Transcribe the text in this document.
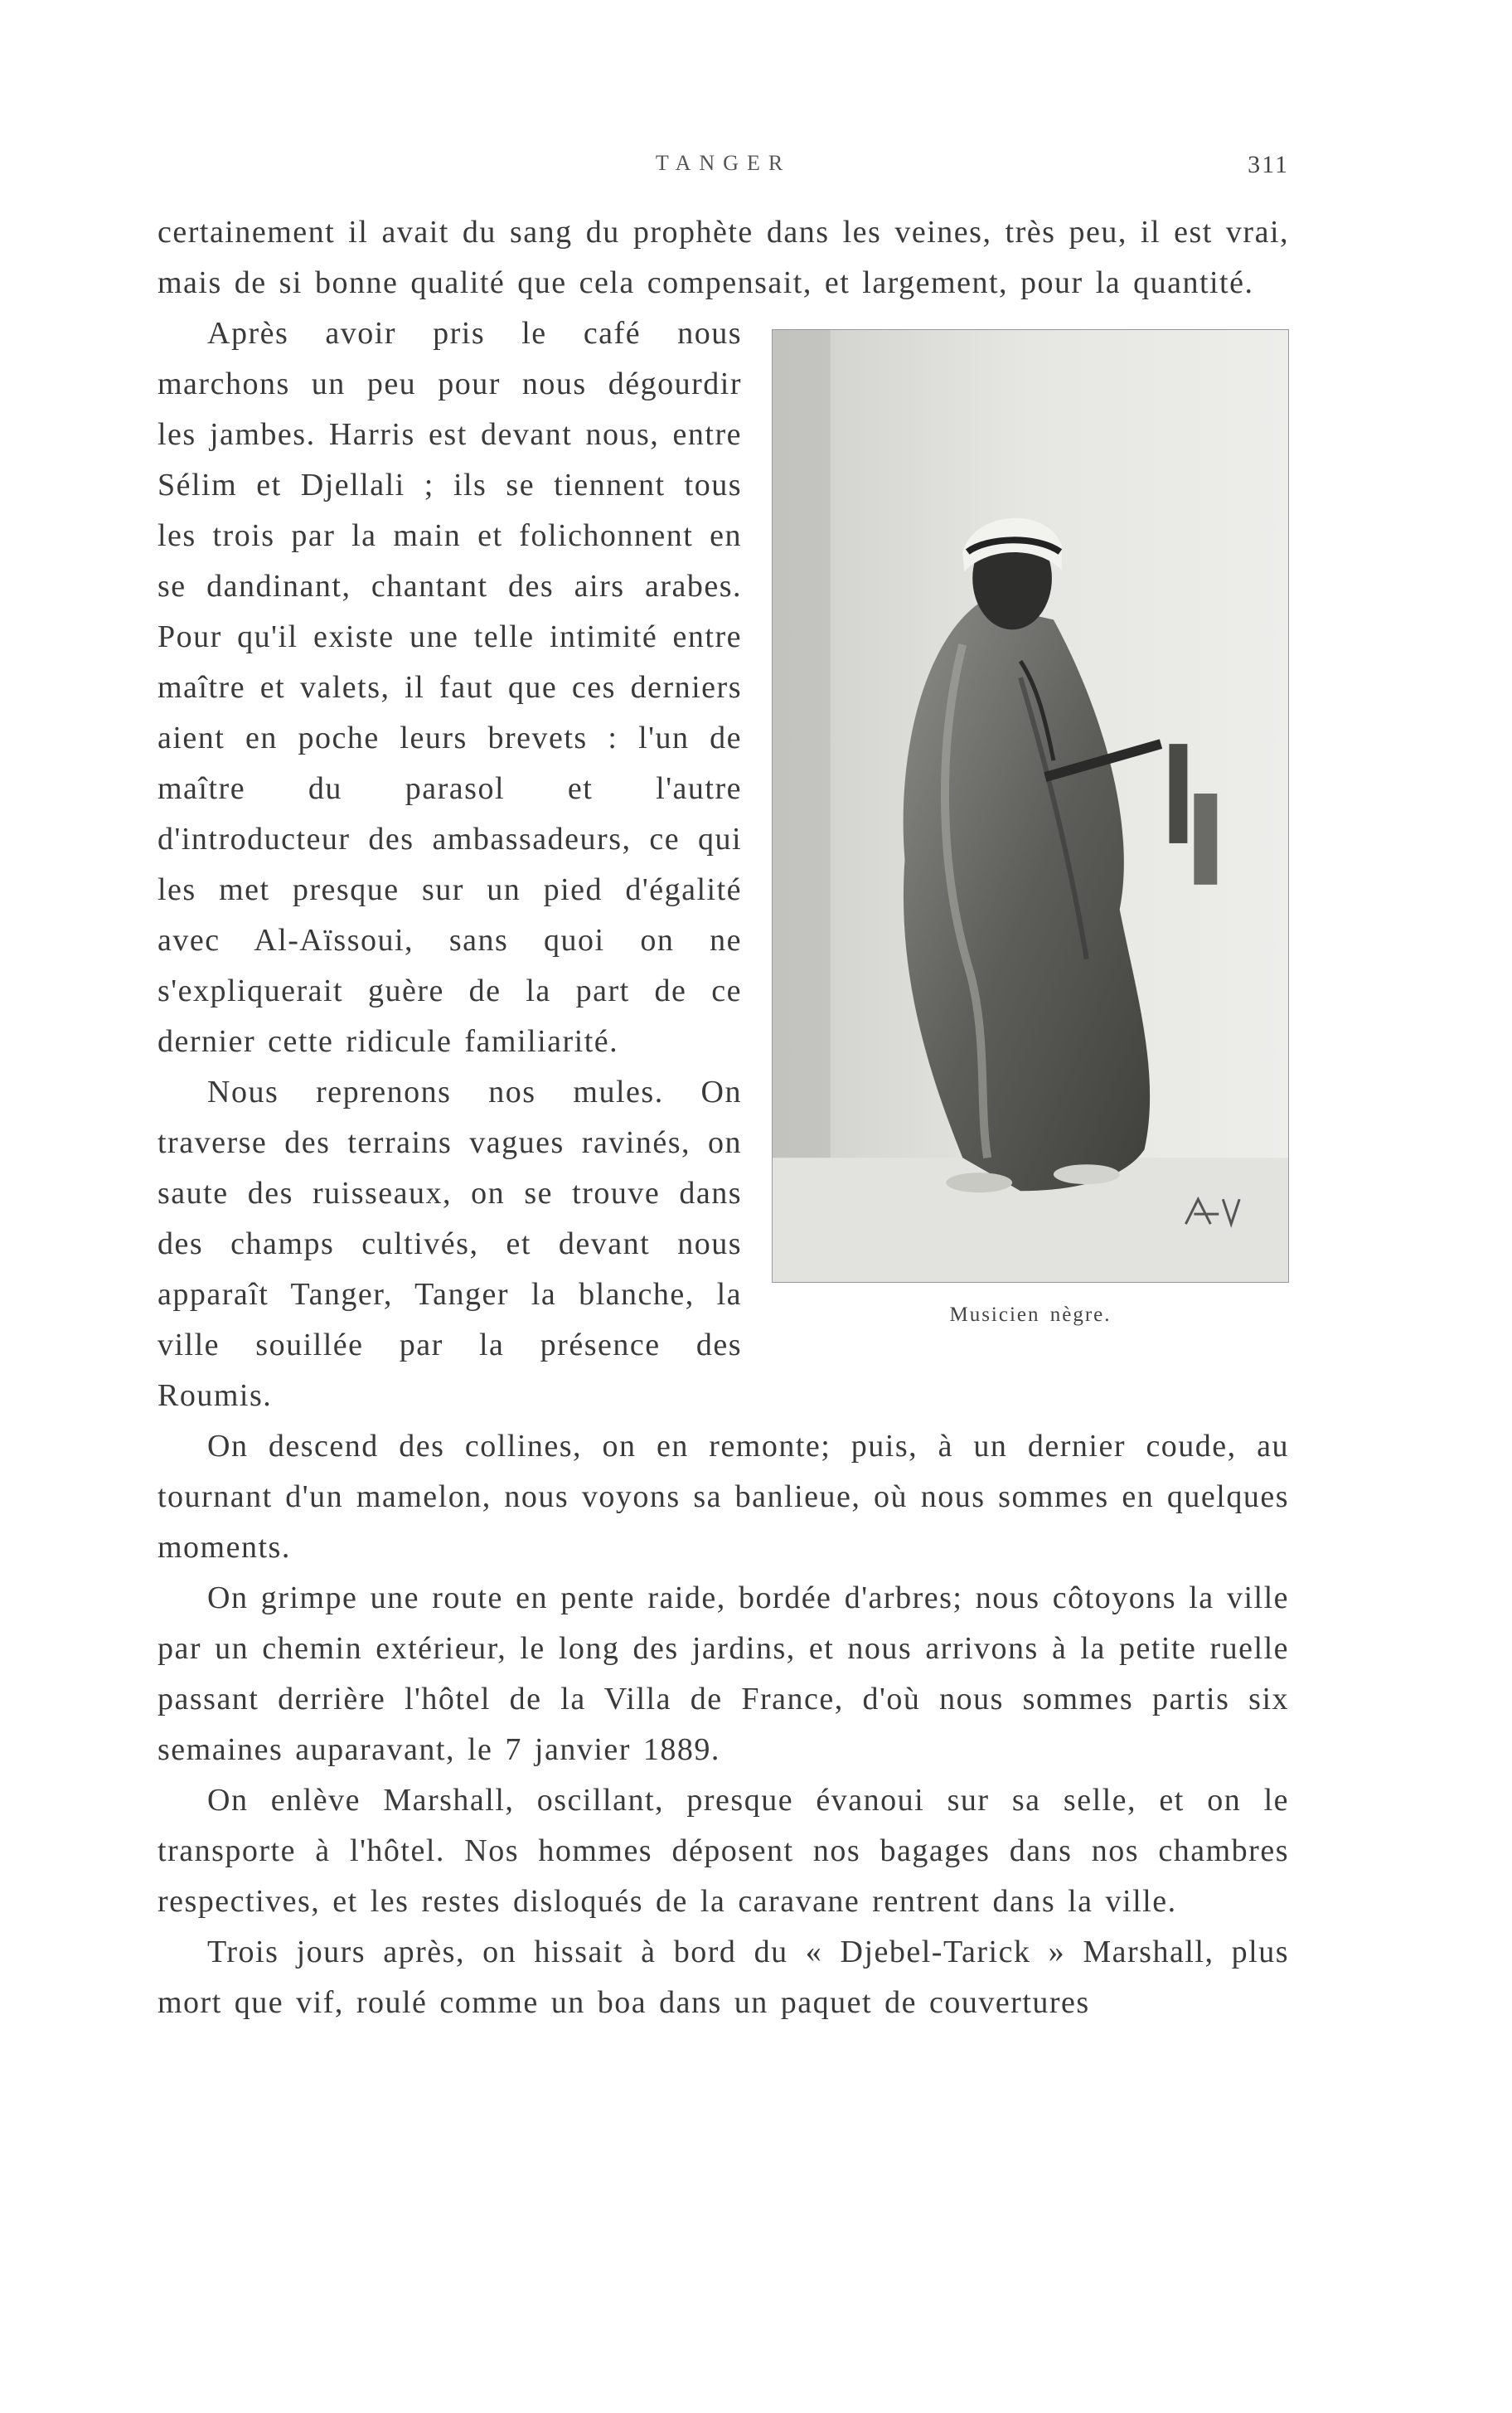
TANGER	311

certainement il avait du sang du prophète dans les veines, très peu, il est vrai, mais de si bonne qualité que cela compensait, et largement, pour la quantité.

Musicien nègre.

Après avoir pris le café nous marchons un peu pour nous dégourdir les jambes. Harris est devant nous, entre Sélim et Djellali ; ils se tiennent tous les trois par la main et folichonnent en se dandinant, chantant des airs arabes. Pour qu'il existe une telle intimité entre maître et valets, il faut que ces derniers aient en poche leurs brevets : l'un de maître du parasol et l'autre d'introducteur des ambassadeurs, ce qui les met presque sur un pied d'égalité avec Al-Aïssoui, sans quoi on ne s'expliquerait guère de la part de ce dernier cette ridicule familiarité.

Nous reprenons nos mules. On traverse des terrains vagues ravinés, on saute des ruisseaux, on se trouve dans des champs cultivés, et devant nous apparaît Tanger, Tanger la blanche, la ville souillée par la présence des Roumis.

On descend des collines, on en remonte; puis, à un dernier coude, au tournant d'un mamelon, nous voyons sa banlieue, où nous sommes en quelques moments.

On grimpe une route en pente raide, bordée d'arbres; nous côtoyons la ville par un chemin extérieur, le long des jardins, et nous arrivons à la petite ruelle passant derrière l'hôtel de la Villa de France, d'où nous sommes partis six semaines auparavant, le 7 janvier 1889.

On enlève Marshall, oscillant, presque évanoui sur sa selle, et on le transporte à l'hôtel. Nos hommes déposent nos bagages dans nos chambres respectives, et les restes disloqués de la caravane rentrent dans la ville.

Trois jours après, on hissait à bord du « Djebel-Tarick » Marshall, plus mort que vif, roulé comme un boa dans un paquet de couvertures
